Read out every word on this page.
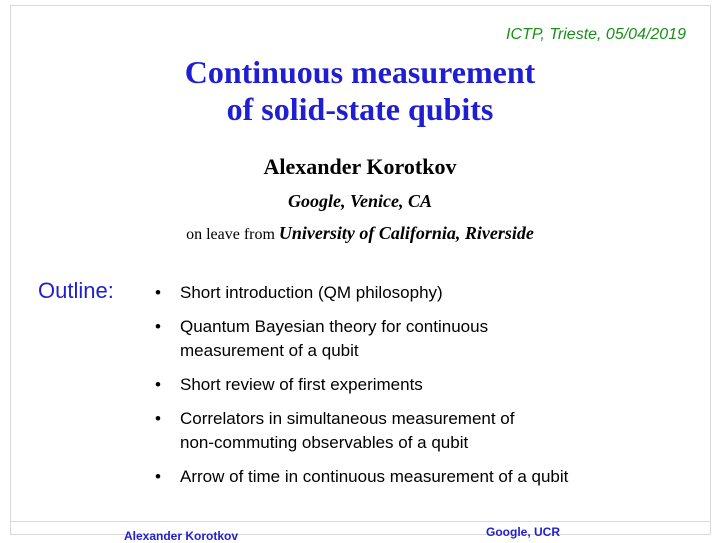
ICTP, Trieste, 05/04/2019
Continuous measurement
of solid-state qubits
Alexander Korotkov
Google, Venice, CA
on leave from University of California, Riverside
Outline: •	Short introduction (QM philosophy)
•	Quantum Bayesian theory for continuous
measurement of a qubit
•	Short review of first experiments
•	Correlators in simultaneous measurement of
non-commuting observables of a qubit
•	Arrow of time in continuous measurement of a qubit
Alexander Korotkov	Google, UCR
